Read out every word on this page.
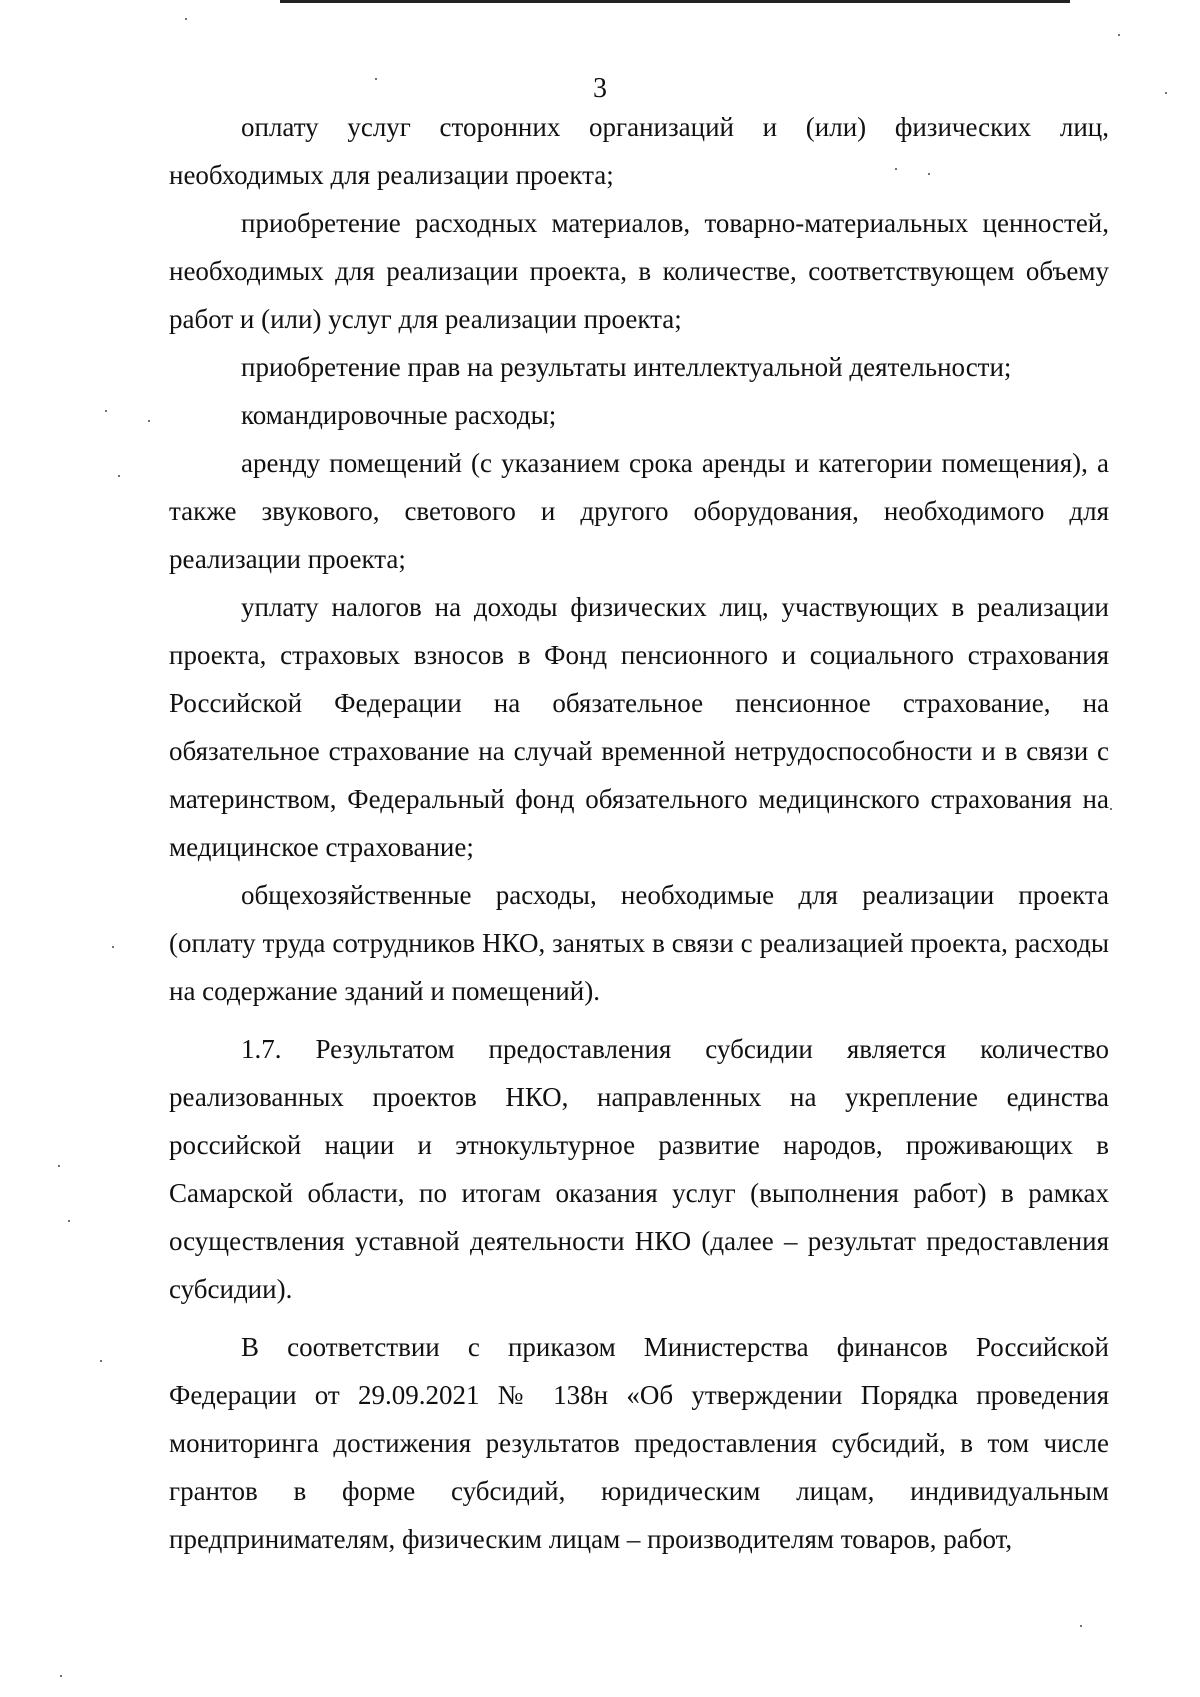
3

оплату услуг сторонних организаций и (или) физических лиц, необходимых для реализации проекта;

приобретение расходных материалов, товарно-материальных ценностей, необходимых для реализации проекта, в количестве, соответствующем объему работ и (или) услуг для реализации проекта;

приобретение прав на результаты интеллектуальной деятельности;

командировочные расходы;

аренду помещений (с указанием срока аренды и категории помещения), а также звукового, светового и другого оборудования, необходимого для реализации проекта;

уплату налогов на доходы физических лиц, участвующих в реализации проекта, страховых взносов в Фонд пенсионного и социального страхования Российской Федерации на обязательное пенсионное страхование, на обязательное страхование на случай временной нетрудоспособности и в связи с материнством, Федеральный фонд обязательного медицинского страхования на медицинское страхование;

общехозяйственные расходы, необходимые для реализации проекта (оплату труда сотрудников НКО, занятых в связи с реализацией проекта, расходы на содержание зданий и помещений).

1.7. Результатом предоставления субсидии является количество реализованных проектов НКО, направленных на укрепление единства российской нации и этнокультурное развитие народов, проживающих в Самарской области, по итогам оказания услуг (выполнения работ) в рамках осуществления уставной деятельности НКО (далее – результат предоставления субсидии).

В соответствии с приказом Министерства финансов Российской Федерации от 29.09.2021 № 138н «Об утверждении Порядка проведения мониторинга достижения результатов предоставления субсидий, в том числе грантов в форме субсидий, юридическим лицам, индивидуальным предпринимателям, физическим лицам – производителям товаров, работ,
